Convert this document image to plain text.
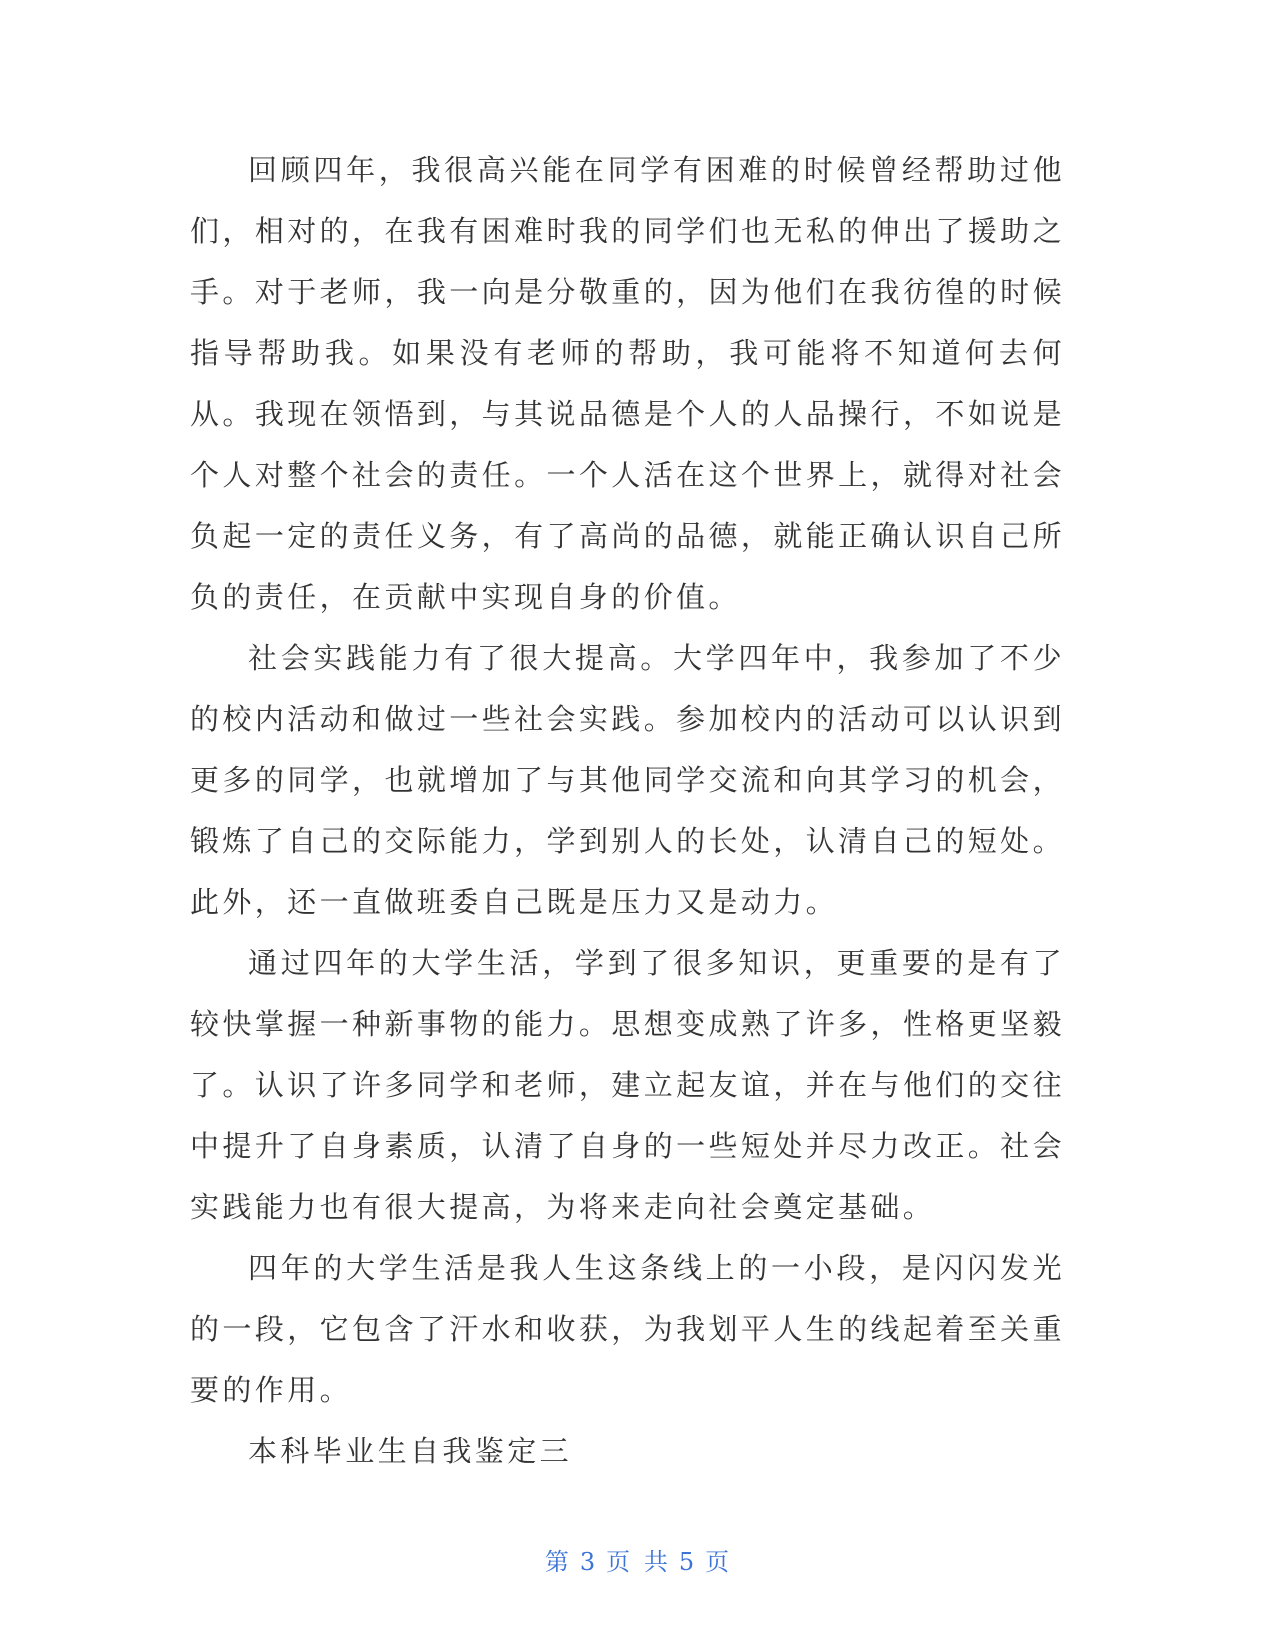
回顾四年，我很高兴能在同学有困难的时候曾经帮助过他们，相对的，在我有困难时我的同学们也无私的伸出了援助之手。对于老师，我一向是分敬重的，因为他们在我彷徨的时候指导帮助我。如果没有老师的帮助，我可能将不知道何去何从。我现在领悟到，与其说品德是个人的人品操行，不如说是个人对整个社会的责任。一个人活在这个世界上，就得对社会负起一定的责任义务，有了高尚的品德，就能正确认识自己所负的责任，在贡献中实现自身的价值。

社会实践能力有了很大提高。大学四年中，我参加了不少的校内活动和做过一些社会实践。参加校内的活动可以认识到更多的同学，也就增加了与其他同学交流和向其学习的机会，锻炼了自己的交际能力，学到别人的长处，认清自己的短处。此外，还一直做班委自己既是压力又是动力。

通过四年的大学生活，学到了很多知识，更重要的是有了较快掌握一种新事物的能力。思想变成熟了许多，性格更坚毅了。认识了许多同学和老师，建立起友谊，并在与他们的交往中提升了自身素质，认清了自身的一些短处并尽力改正。社会实践能力也有很大提高，为将来走向社会奠定基础。

四年的大学生活是我人生这条线上的一小段，是闪闪发光的一段，它包含了汗水和收获，为我划平人生的线起着至关重要的作用。

本科毕业生自我鉴定三

第 3 页 共 5 页
